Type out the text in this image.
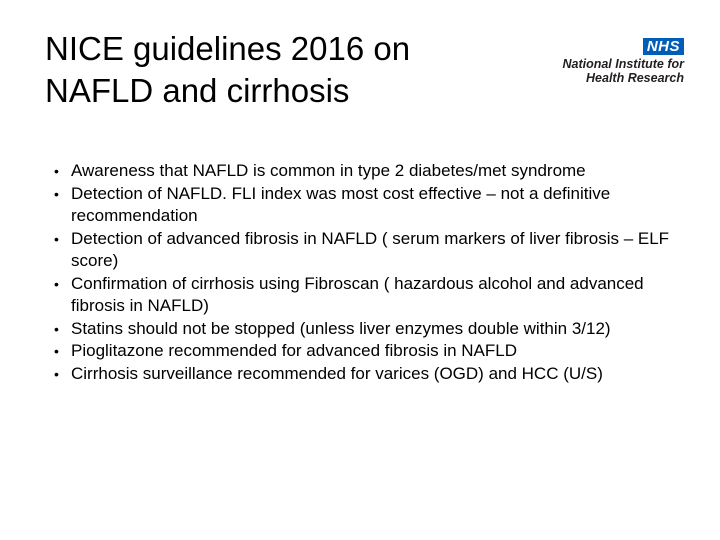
NICE guidelines 2016 on
NAFLD and cirrhosis
NHS
National Institute for
Health Research
• Awareness that NAFLD is common in type 2 diabetes/met syndrome
• Detection of NAFLD. FLI index was most cost effective – not a definitive recommendation
• Detection of advanced fibrosis in NAFLD ( serum markers of liver fibrosis – ELF score)
• Confirmation of cirrhosis using Fibroscan ( hazardous alcohol and advanced fibrosis in NAFLD)
• Statins should not be stopped (unless liver enzymes double within 3/12)
• Pioglitazone recommended for advanced fibrosis in NAFLD
• Cirrhosis surveillance recommended for varices (OGD) and HCC (U/S)
